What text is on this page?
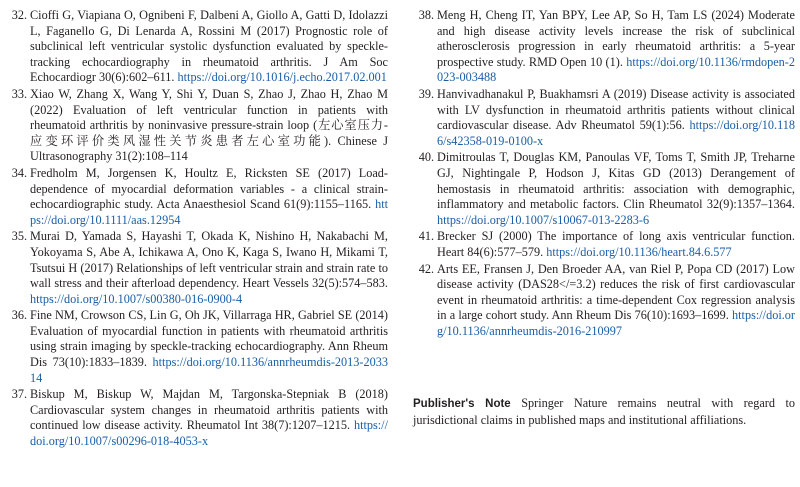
32. Cioffi G, Viapiana O, Ognibeni F, Dalbeni A, Giollo A, Gatti D, Idolazzi L, Faganello G, Di Lenarda A, Rossini M (2017) Prognostic role of subclinical left ventricular systolic dysfunction evaluated by speckle-tracking echocardiography in rheumatoid arthritis. J Am Soc Echocardiogr 30(6):602–611. https://doi.org/10.1016/j.echo.2017.02.001
33. Xiao W, Zhang X, Wang Y, Shi Y, Duan S, Zhao J, Zhao H, Zhao M (2022) Evaluation of left ventricular function in patients with rheumatoid arthritis by noninvasive pressure-strain loop (左心室压力-应变环评价类风湿性关节炎患者左心室功能). Chinese J Ultrasonography 31(2):108–114
34. Fredholm M, Jorgensen K, Houltz E, Ricksten SE (2017) Load-dependence of myocardial deformation variables - a clinical strain-echocardiographic study. Acta Anaesthesiol Scand 61(9):1155–1165. https://doi.org/10.1111/aas.12954
35. Murai D, Yamada S, Hayashi T, Okada K, Nishino H, Nakabachi M, Yokoyama S, Abe A, Ichikawa A, Ono K, Kaga S, Iwano H, Mikami T, Tsutsui H (2017) Relationships of left ventricular strain and strain rate to wall stress and their afterload dependency. Heart Vessels 32(5):574–583. https://doi.org/10.1007/s00380-016-0900-4
36. Fine NM, Crowson CS, Lin G, Oh JK, Villarraga HR, Gabriel SE (2014) Evaluation of myocardial function in patients with rheumatoid arthritis using strain imaging by speckle-tracking echocardiography. Ann Rheum Dis 73(10):1833–1839. https://doi.org/10.1136/annrheumdis-2013-203314
37. Biskup M, Biskup W, Majdan M, Targonska-Stepniak B (2018) Cardiovascular system changes in rheumatoid arthritis patients with continued low disease activity. Rheumatol Int 38(7):1207–1215. https://doi.org/10.1007/s00296-018-4053-x
38. Meng H, Cheng IT, Yan BPY, Lee AP, So H, Tam LS (2024) Moderate and high disease activity levels increase the risk of subclinical atherosclerosis progression in early rheumatoid arthritis: a 5-year prospective study. RMD Open 10 (1). https://doi.org/10.1136/rmdopen-2023-003488
39. Hanvivadhanakul P, Buakhamsri A (2019) Disease activity is associated with LV dysfunction in rheumatoid arthritis patients without clinical cardiovascular disease. Adv Rheumatol 59(1):56. https://doi.org/10.1186/s42358-019-0100-x
40. Dimitroulas T, Douglas KM, Panoulas VF, Toms T, Smith JP, Treharne GJ, Nightingale P, Hodson J, Kitas GD (2013) Derangement of hemostasis in rheumatoid arthritis: association with demographic, inflammatory and metabolic factors. Clin Rheumatol 32(9):1357–1364. https://doi.org/10.1007/s10067-013-2283-6
41. Brecker SJ (2000) The importance of long axis ventricular function. Heart 84(6):577–579. https://doi.org/10.1136/heart.84.6.577
42. Arts EE, Fransen J, Den Broeder AA, van Riel P, Popa CD (2017) Low disease activity (DAS28</=3.2) reduces the risk of first cardiovascular event in rheumatoid arthritis: a time-dependent Cox regression analysis in a large cohort study. Ann Rheum Dis 76(10):1693–1699. https://doi.org/10.1136/annrheumdis-2016-210997
Publisher's Note Springer Nature remains neutral with regard to jurisdictional claims in published maps and institutional affiliations.
